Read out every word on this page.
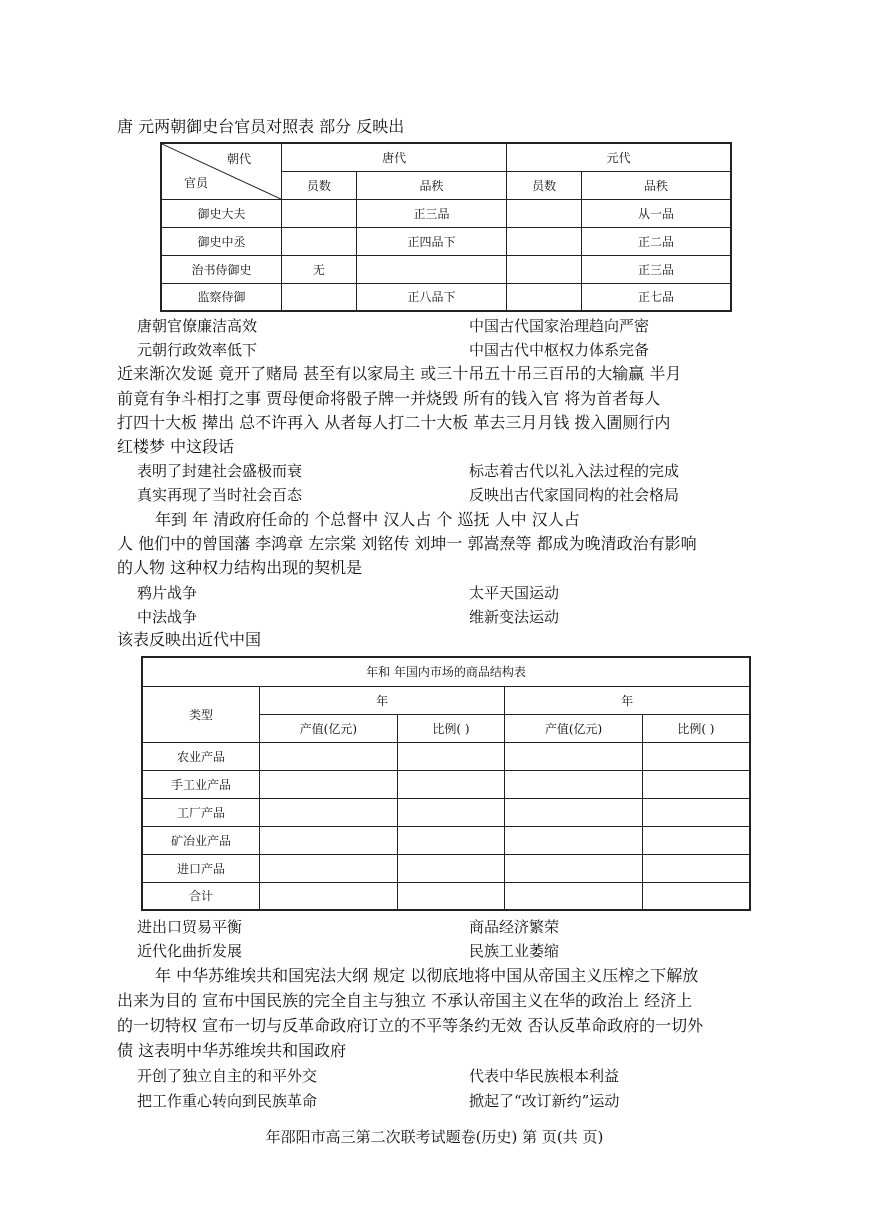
唐 元两朝御史台官员对照表 部分 反映出
朝代
官员	唐代		元代	
	员数	品秩	员数	品秩
御史大夫		正三品		从一品
御史中丞		正四品下		正二品
治书侍御史	无			正三品
监察侍御		正八品下		正七品
唐朝官僚廉洁高效	中国古代国家治理趋向严密
元朝行政效率低下	中国古代中枢权力体系完备
近来渐次发诞 竟开了赌局 甚至有以家局主 或三十吊五十吊三百吊的大输赢 半月
前竟有争斗相打之事 贾母便命将骰子牌一并烧毁 所有的钱入官 将为首者每人
打四十大板 撵出 总不许再入 从者每人打二十大板 革去三月月钱 拨入圊厕行内
红楼梦 中这段话
表明了封建社会盛极而衰	标志着古代以礼入法过程的完成
真实再现了当时社会百态	反映出古代家国同构的社会格局
年到 年 清政府任命的 个总督中 汉人占 个 巡抚 人中 汉人占
人 他们中的曾国藩 李鸿章 左宗棠 刘铭传 刘坤一 郭嵩焘等 都成为晚清政治有影响
的人物 这种权力结构出现的契机是
鸦片战争	太平天国运动
中法战争	维新变法运动
该表反映出近代中国
年和 年国内市场的商品结构表				
类型	年		年	
	产值(亿元)	比例( )	产值(亿元)	比例( )
农业产品				
手工业产品				
工厂产品				
矿冶业产品				
进口产品				
合计				
进出口贸易平衡	商品经济繁荣
近代化曲折发展	民族工业萎缩
年 中华苏维埃共和国宪法大纲 规定 以彻底地将中国从帝国主义压榨之下解放
出来为目的 宣布中国民族的完全自主与独立 不承认帝国主义在华的政治上 经济上
的一切特权 宣布一切与反革命政府订立的不平等条约无效 否认反革命政府的一切外
债 这表明中华苏维埃共和国政府
开创了独立自主的和平外交	代表中华民族根本利益
把工作重心转向到民族革命	掀起了“改订新约”运动
年邵阳市高三第二次联考试题卷(历史) 第 页(共 页)
